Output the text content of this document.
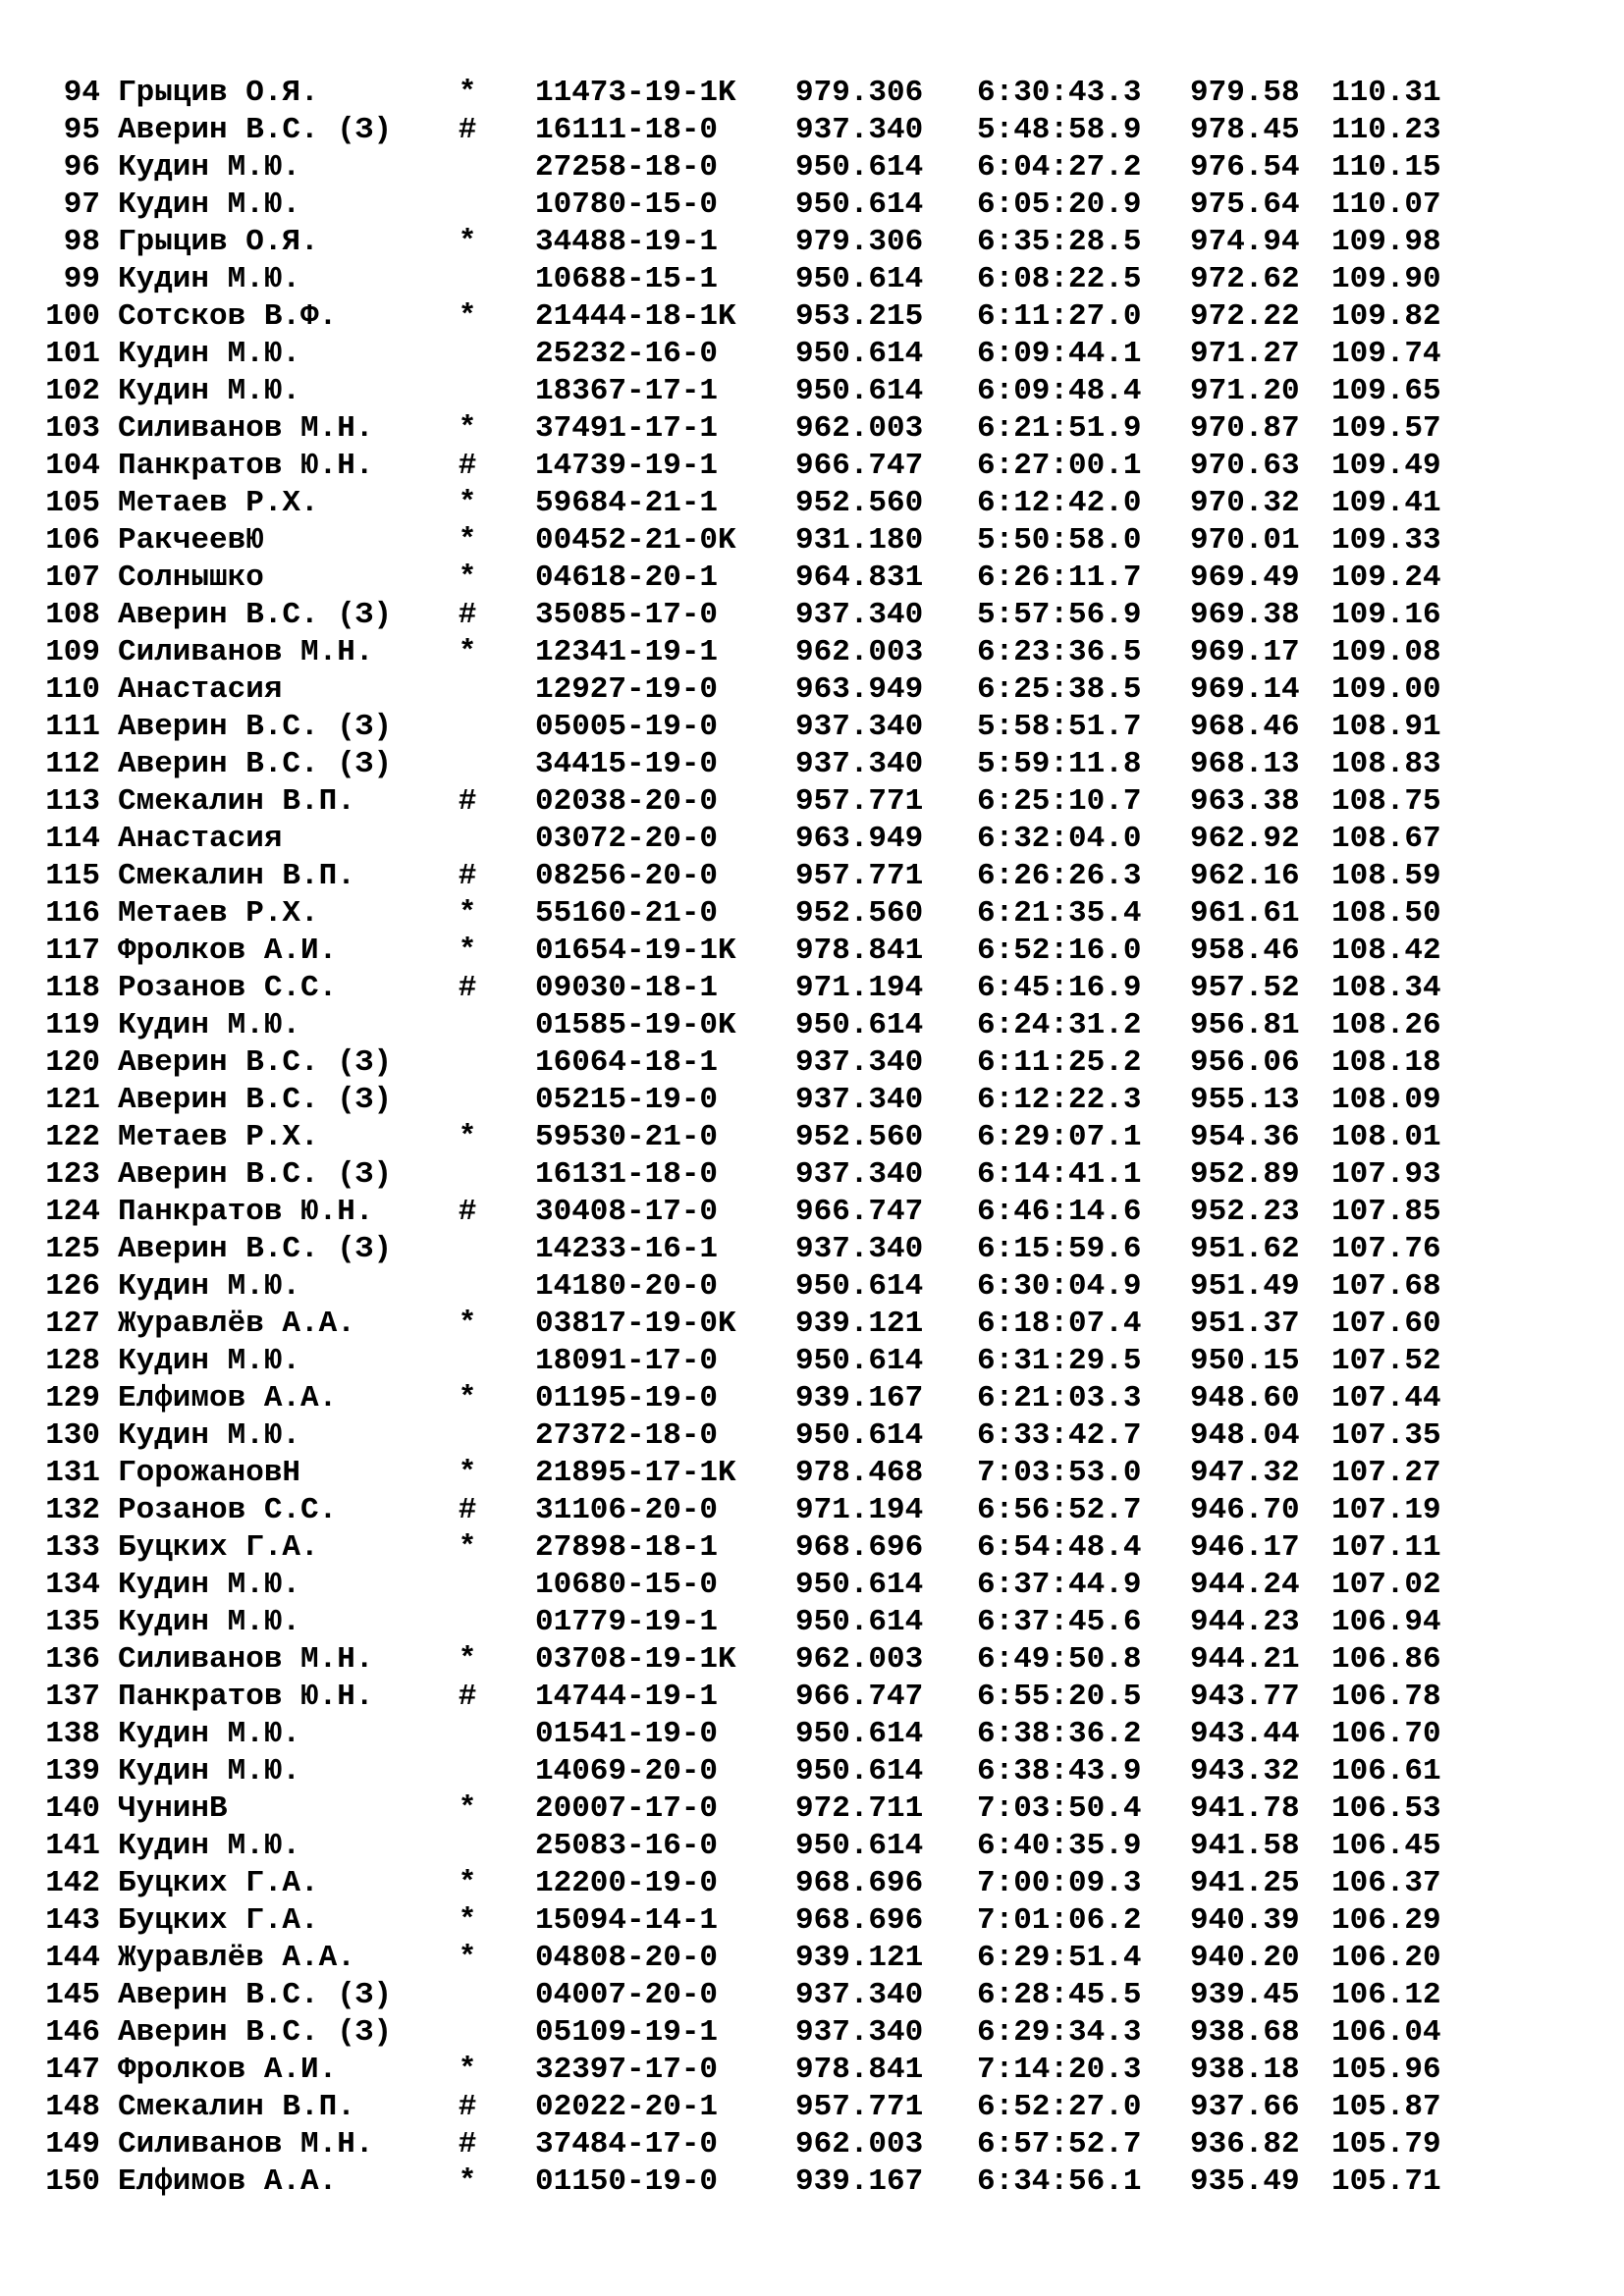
94 Грыцив О.Я.	* 11473-19-1K 979.306 6:30:43.3 979.58 110.31
95 Аверин В.С. (З) # 16111-18-0	937.340 5:48:58.9 978.45 110.23
96 Кудин М.Ю.	27258-18-0	950.614 6:04:27.2 976.54 110.15
97 Кудин М.Ю.	10780-15-0	950.614 6:05:20.9 975.64 110.07
98 Грыцив О.Я.	* 34488-19-1	979.306 6:35:28.5 974.94 109.98
99 Кудин М.Ю.	10688-15-1	950.614 6:08:22.5 972.62 109.90
100 Сотсков В.Ф.	* 21444-18-1K 953.215 6:11:27.0 972.22 109.82
101 Кудин М.Ю.	25232-16-0	950.614 6:09:44.1 971.27 109.74
102 Кудин М.Ю.	18367-17-1	950.614 6:09:48.4 971.20 109.65
103 Силиванов М.Н.	* 37491-17-1	962.003 6:21:51.9 970.87 109.57
104 Панкратов Ю.Н.	# 14739-19-1	966.747 6:27:00.1 970.63 109.49
105 Метаев Р.Х.	* 59684-21-1	952.560 6:12:42.0 970.32 109.41
106 РакчеевЮ	* 00452-21-0K 931.180 5:50:58.0 970.01 109.33
107 Солнышко	* 04618-20-1	964.831 6:26:11.7 969.49 109.24
108 Аверин В.С. (З) # 35085-17-0	937.340 5:57:56.9 969.38 109.16
109 Силиванов М.Н.	* 12341-19-1	962.003 6:23:36.5 969.17 109.08
110 Анастасия	12927-19-0	963.949 6:25:38.5 969.14 109.00
111 Аверин В.С. (З)	05005-19-0	937.340 5:58:51.7 968.46 108.91
112 Аверин В.С. (З)	34415-19-0	937.340 5:59:11.8 968.13 108.83
113 Смекалин В.П.	# 02038-20-0	957.771 6:25:10.7 963.38 108.75
114 Анастасия	03072-20-0	963.949 6:32:04.0 962.92 108.67
115 Смекалин В.П.	# 08256-20-0	957.771 6:26:26.3 962.16 108.59
116 Метаев Р.Х.	* 55160-21-0	952.560 6:21:35.4 961.61 108.50
117 Фролков А.И.	* 01654-19-1K 978.841 6:52:16.0 958.46 108.42
118 Розанов С.С.	# 09030-18-1	971.194 6:45:16.9 957.52 108.34
119 Кудин М.Ю.	01585-19-0K 950.614 6:24:31.2 956.81 108.26
120 Аверин В.С. (З)	16064-18-1	937.340 6:11:25.2 956.06 108.18
121 Аверин В.С. (З)	05215-19-0	937.340 6:12:22.3 955.13 108.09
122 Метаев Р.Х.	* 59530-21-0	952.560 6:29:07.1 954.36 108.01
123 Аверин В.С. (З)	16131-18-0	937.340 6:14:41.1 952.89 107.93
124 Панкратов Ю.Н.	# 30408-17-0	966.747 6:46:14.6 952.23 107.85
125 Аверин В.С. (З)	14233-16-1	937.340 6:15:59.6 951.62 107.76
126 Кудин М.Ю.	14180-20-0	950.614 6:30:04.9 951.49 107.68
127 Журавлёв А.А.	* 03817-19-0K 939.121 6:18:07.4 951.37 107.60
128 Кудин М.Ю.	18091-17-0	950.614 6:31:29.5 950.15 107.52
129 Елфимов А.А.	* 01195-19-0	939.167 6:21:03.3 948.60 107.44
130 Кудин М.Ю.	27372-18-0	950.614 6:33:42.7 948.04 107.35
131 ГорожановН	* 21895-17-1K 978.468 7:03:53.0 947.32 107.27
132 Розанов С.С.	# 31106-20-0	971.194 6:56:52.7 946.70 107.19
133 Буцких Г.А.	* 27898-18-1	968.696 6:54:48.4 946.17 107.11
134 Кудин М.Ю.	10680-15-0	950.614 6:37:44.9 944.24 107.02
135 Кудин М.Ю.	01779-19-1	950.614 6:37:45.6 944.23 106.94
136 Силиванов М.Н.	* 03708-19-1K 962.003 6:49:50.8 944.21 106.86
137 Панкратов Ю.Н.	# 14744-19-1	966.747 6:55:20.5 943.77 106.78
138 Кудин М.Ю.	01541-19-0	950.614 6:38:36.2 943.44 106.70
139 Кудин М.Ю.	14069-20-0	950.614 6:38:43.9 943.32 106.61
140 ЧунинВ	* 20007-17-0	972.711 7:03:50.4 941.78 106.53
141 Кудин М.Ю.	25083-16-0	950.614 6:40:35.9 941.58 106.45
142 Буцких Г.А.	* 12200-19-0	968.696 7:00:09.3 941.25 106.37
143 Буцких Г.А.	* 15094-14-1	968.696 7:01:06.2 940.39 106.29
144 Журавлёв А.А.	* 04808-20-0	939.121 6:29:51.4 940.20 106.20
145 Аверин В.С. (З)	04007-20-0	937.340 6:28:45.5 939.45 106.12
146 Аверин В.С. (З)	05109-19-1	937.340 6:29:34.3 938.68 106.04
147 Фролков А.И.	* 32397-17-0	978.841 7:14:20.3 938.18 105.96
148 Смекалин В.П.	# 02022-20-1	957.771 6:52:27.0 937.66 105.87
149 Силиванов М.Н.	# 37484-17-0	962.003 6:57:52.7 936.82 105.79
150 Елфимов А.А.	* 01150-19-0	939.167 6:34:56.1 935.49 105.71
